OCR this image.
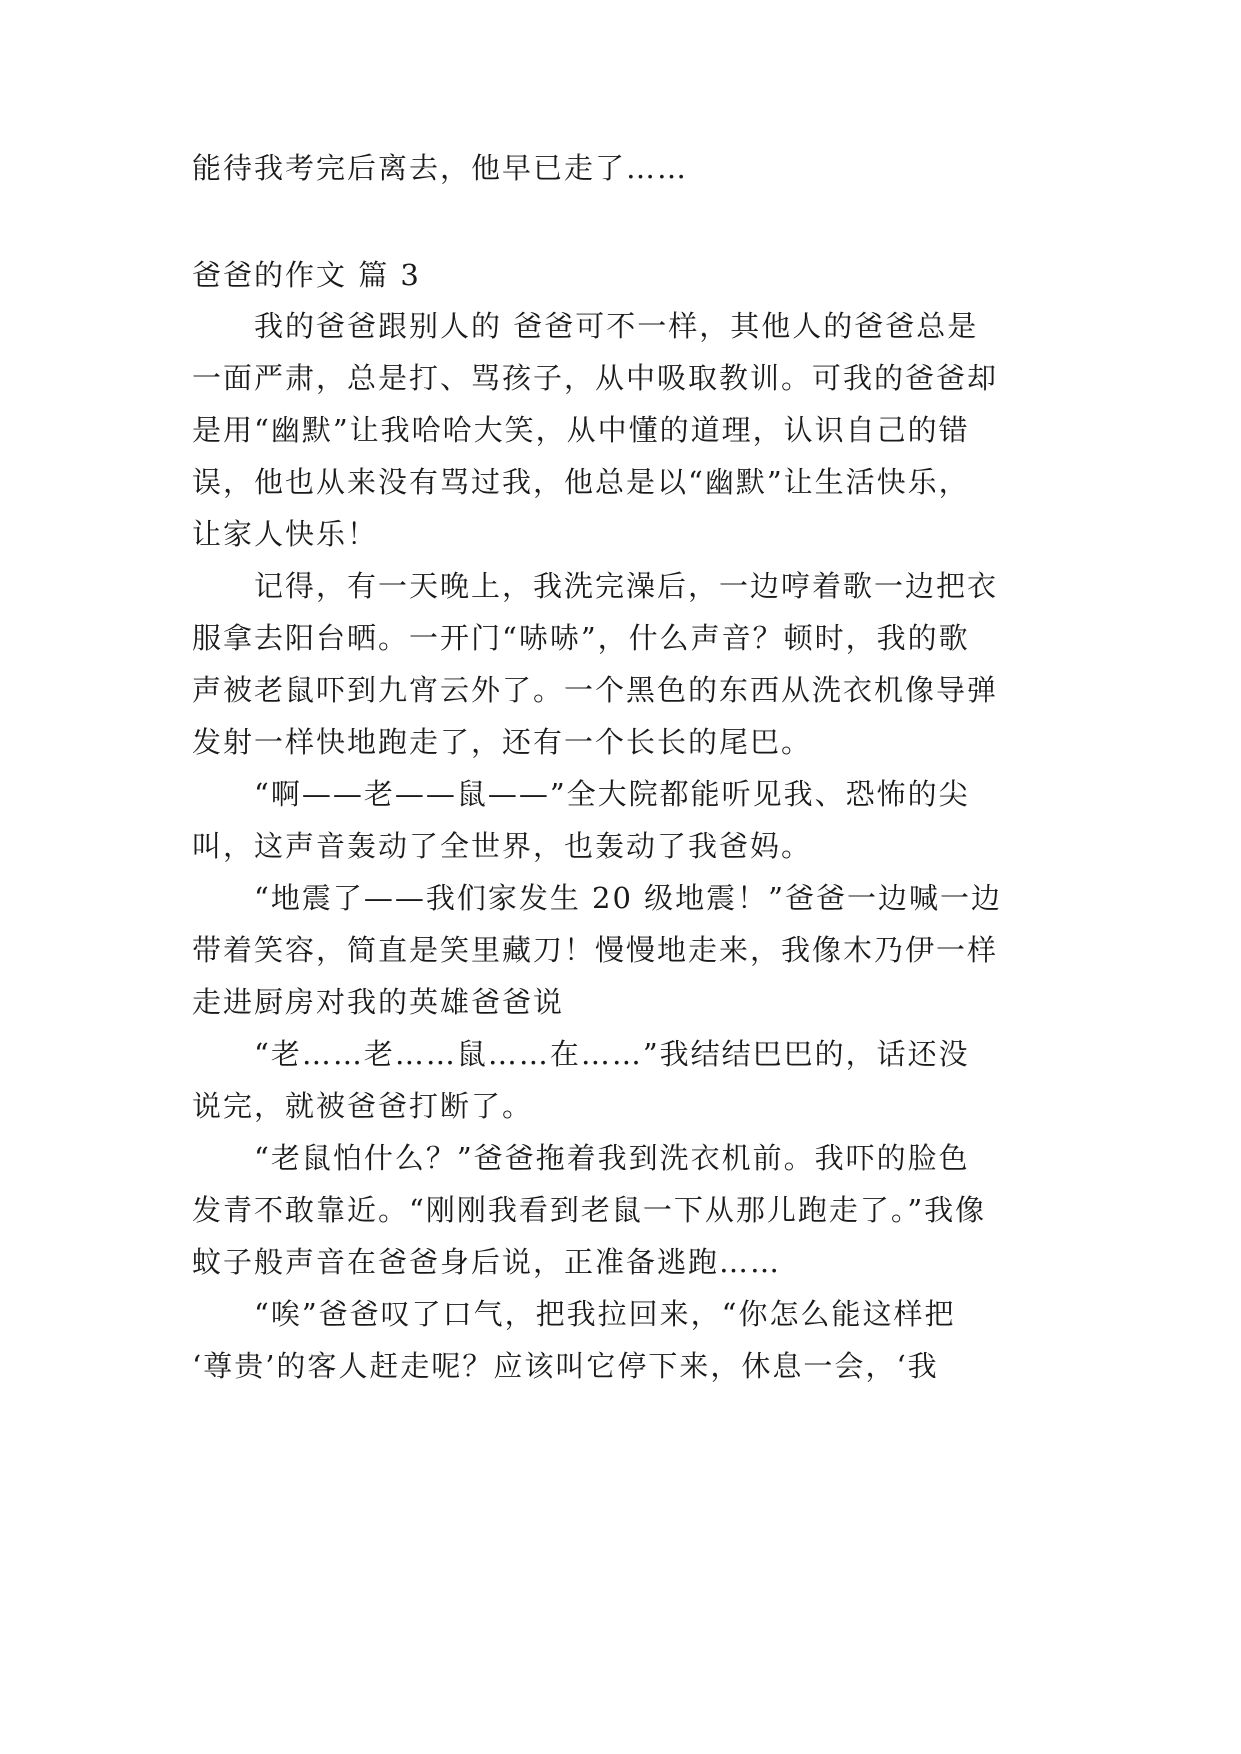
能待我考完后离去，他早已走了……
爸爸的作文 篇 3
　　我的爸爸跟别人的 爸爸可不一样，其他人的爸爸总是
一面严肃，总是打、骂孩子，从中吸取教训。可我的爸爸却
是用“幽默”让我哈哈大笑，从中懂的道理，认识自己的错
误，他也从来没有骂过我，他总是以“幽默”让生活快乐，
让家人快乐！
　　记得，有一天晚上，我洗完澡后，一边哼着歌一边把衣
服拿去阳台晒。一开门“哧哧”，什么声音？顿时，我的歌
声被老鼠吓到九宵云外了。一个黑色的东西从洗衣机像导弹
发射一样快地跑走了，还有一个长长的尾巴。
　　“啊——老——鼠——”全大院都能听见我、恐怖的尖
叫，这声音轰动了全世界，也轰动了我爸妈。
　　“地震了——我们家发生 20 级地震！”爸爸一边喊一边
带着笑容，简直是笑里藏刀！慢慢地走来，我像木乃伊一样
走进厨房对我的英雄爸爸说
　　“老……老……鼠……在……”我结结巴巴的，话还没
说完，就被爸爸打断了。
　　“老鼠怕什么？”爸爸拖着我到洗衣机前。我吓的脸色
发青不敢靠近。“刚刚我看到老鼠一下从那儿跑走了。”我像
蚊子般声音在爸爸身后说，正准备逃跑……
　　“唉”爸爸叹了口气，把我拉回来，“你怎么能这样把
‘尊贵’的客人赶走呢？应该叫它停下来，休息一会，‘我
